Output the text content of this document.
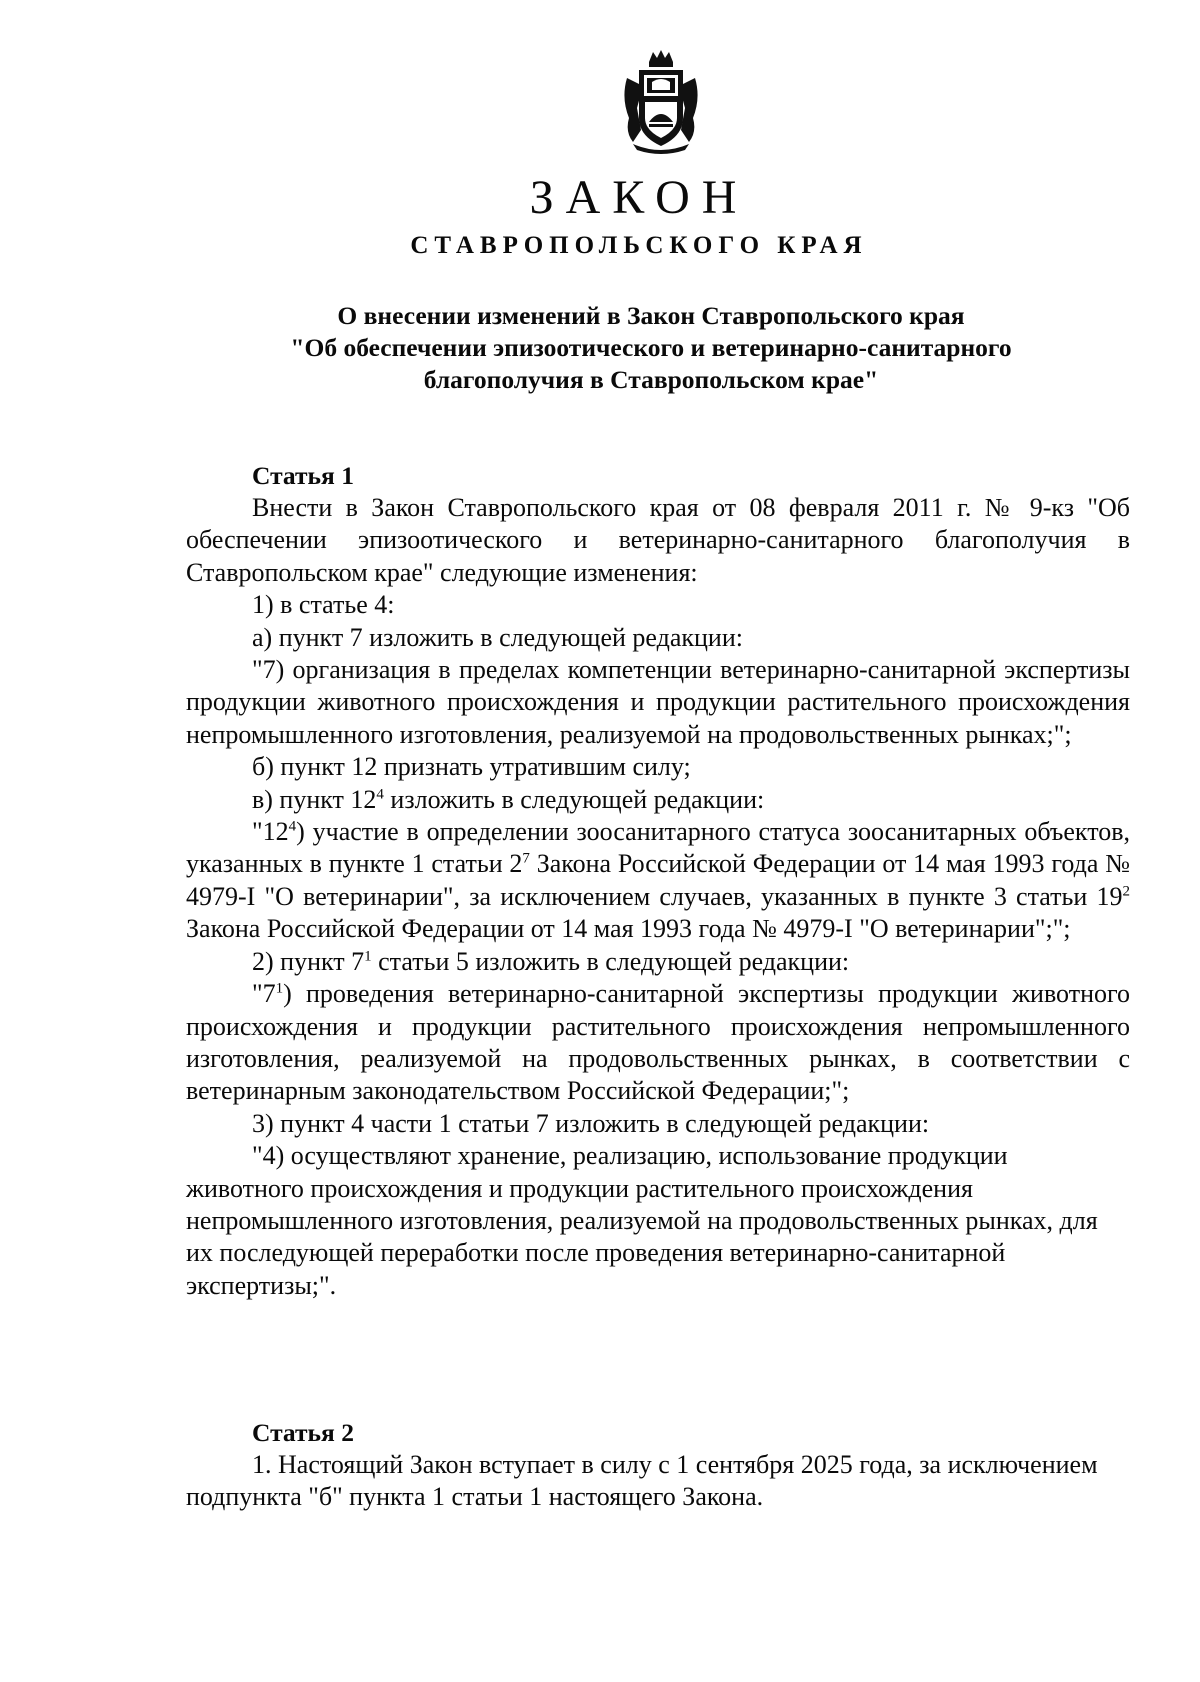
ЗАКОН
СТАВРОПОЛЬСКОГО КРАЯ
О внесении изменений в Закон Ставропольского края
"Об обеспечении эпизоотического и ветеринарно-санитарного
благополучия в Ставропольском крае"
Статья 1

Внести в Закон Ставропольского края от 08 февраля 2011 г. № 9-кз "Об обеспечении эпизоотического и ветеринарно-санитарного благополучия в Ставропольском крае" следующие изменения:

1) в статье 4:

а) пункт 7 изложить в следующей редакции:

"7) организация в пределах компетенции ветеринарно-санитарной экспертизы продукции животного происхождения и продукции растительного происхождения непромышленного изготовления, реализуемой на продовольственных рынках;";

б) пункт 12 признать утратившим силу;

в) пункт $12^4$ изложить в следующей редакции:

"$12^4$) участие в определении зоосанитарного статуса зоосанитарных объектов, указанных в пункте 1 статьи $2^7$ Закона Российской Федерации от 14 мая 1993 года № 4979-I "О ветеринарии", за исключением случаев, указанных в пункте 3 статьи $19^2$ Закона Российской Федерации от 14 мая 1993 года № 4979-I "О ветеринарии";";

2) пункт $7^1$ статьи 5 изложить в следующей редакции:

"$7^1$) проведения ветеринарно-санитарной экспертизы продукции животного происхождения и продукции растительного происхождения непромышленного изготовления, реализуемой на продовольственных рынках, в соответствии с ветеринарным законодательством Российской Федерации;";

3) пункт 4 части 1 статьи 7 изложить в следующей редакции:

"4) осуществляют хранение, реализацию, использование продукции животного происхождения и продукции растительного происхождения непромышленного изготовления, реализуемой на продовольственных рынках, для их последующей переработки после проведения ветеринарно-санитарной экспертизы;".

Статья 2

1. Настоящий Закон вступает в силу с 1 сентября 2025 года, за исключением подпункта "б" пункта 1 статьи 1 настоящего Закона.
